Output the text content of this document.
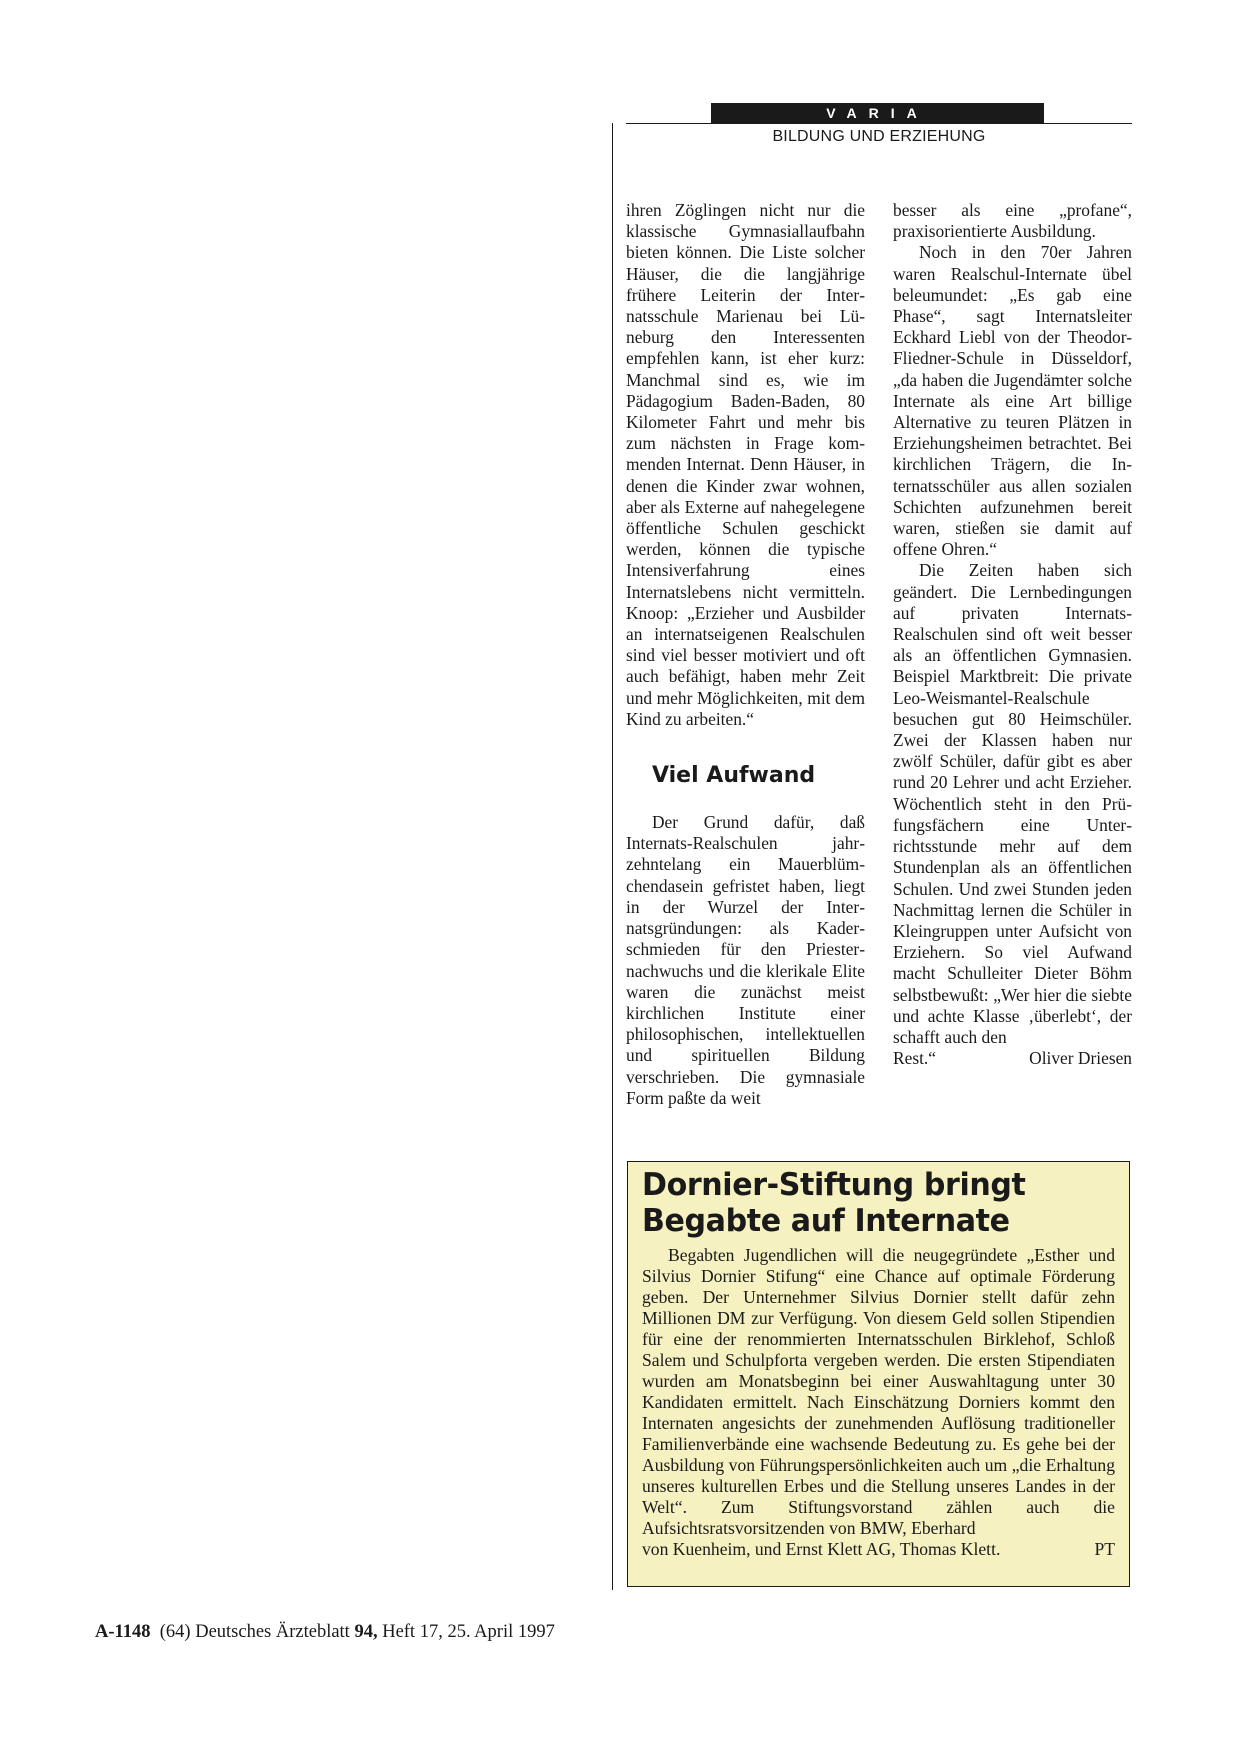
VARIA
BILDUNG UND ERZIEHUNG

ihren Zöglingen nicht nur die klassische Gymnasiallaufbahn bieten können. Die Liste solcher Häuser, die die langjährige frühere Leiterin der Internatsschule Marienau bei Lüneburg den Interessenten empfehlen kann, ist eher kurz: Manchmal sind es, wie im Pädagogium Baden-Baden, 80 Kilometer Fahrt und mehr bis zum nächsten in Frage kommenden Internat. Denn Häuser, in denen die Kinder zwar wohnen, aber als Externe auf nahegelegene öffentliche Schulen geschickt werden, können die typische Intensiverfahrung eines Internatslebens nicht vermitteln. Knoop: „Erzieher und Ausbilder an internatseigenen Realschulen sind viel besser motiviert und oft auch befähigt, haben mehr Zeit und mehr Möglichkeiten, mit dem Kind zu arbeiten.“

Viel Aufwand

Der Grund dafür, daß Internats-Realschulen jahrzehntelang ein Mauerblümchendasein gefristet haben, liegt in der Wurzel der Internatsgründungen: als Kaderschmieden für den Priesternachwuchs und die klerikale Elite waren die zunächst meist kirchlichen Institute einer philosophischen, intellektuellen und spirituellen Bildung verschrieben. Die gymnasiale Form paßte da weit

besser als eine „profane“, praxisorientierte Ausbildung.

Noch in den 70er Jahren waren Realschul-Internate übel beleumundet: „Es gab eine Phase“, sagt Internatsleiter Eckhard Liebl von der Theodor-Fliedner-Schule in Düsseldorf, „da haben die Jugendämter solche Internate als eine Art billige Alternative zu teuren Plätzen in Erziehungsheimen betrachtet. Bei kirchlichen Trägern, die Internatsschüler aus allen sozialen Schichten aufzunehmen bereit waren, stießen sie damit auf offene Ohren.“

Die Zeiten haben sich geändert. Die Lernbedingungen auf privaten Internats-Realschulen sind oft weit besser als an öffentlichen Gymnasien. Beispiel Marktbreit: Die private Leo-Weismantel-Realschule besuchen gut 80 Heimschüler. Zwei der Klassen haben nur zwölf Schüler, dafür gibt es aber rund 20 Lehrer und acht Erzieher. Wöchentlich steht in den Prüfungsfächern eine Unterrichtsstunde mehr auf dem Stundenplan als an öffentlichen Schulen. Und zwei Stunden jeden Nachmittag lernen die Schüler in Kleingruppen unter Aufsicht von Erziehern. So viel Aufwand macht Schulleiter Dieter Böhm selbstbewußt: „Wer hier die siebte und achte Klasse ‚überlebt‘, der schafft auch den

Rest.“	Oliver Driesen
Dornier-Stiftung bringt
Begabte auf Internate
Begabten Jugendlichen will die neugegründete „Esther und Silvius Dornier Stifung“ eine Chance auf optimale Förderung geben. Der Unternehmer Silvius Dornier stellt dafür zehn Millionen DM zur Verfügung. Von diesem Geld sollen Stipendien für eine der renommierten Internatsschulen Birklehof, Schloß Salem und Schulpforta vergeben werden. Die ersten Stipendiaten wurden am Monatsbeginn bei einer Auswahltagung unter 30 Kandidaten ermittelt. Nach Einschätzung Dorniers kommt den Internaten angesichts der zunehmenden Auflösung traditioneller Familienverbände eine wachsende Bedeutung zu. Es gehe bei der Ausbildung von Führungspersönlichkeiten auch um „die Erhaltung unseres kulturellen Erbes und die Stellung unseres Landes in der Welt“. Zum Stiftungsvorstand zählen auch die Aufsichtsratsvorsitzenden von BMW, Eberhard
von Kuenheim, und Ernst Klett AG, Thomas Klett.	PT
A-1148 (64) Deutsches Ärzteblatt 94, Heft 17, 25. April 1997
